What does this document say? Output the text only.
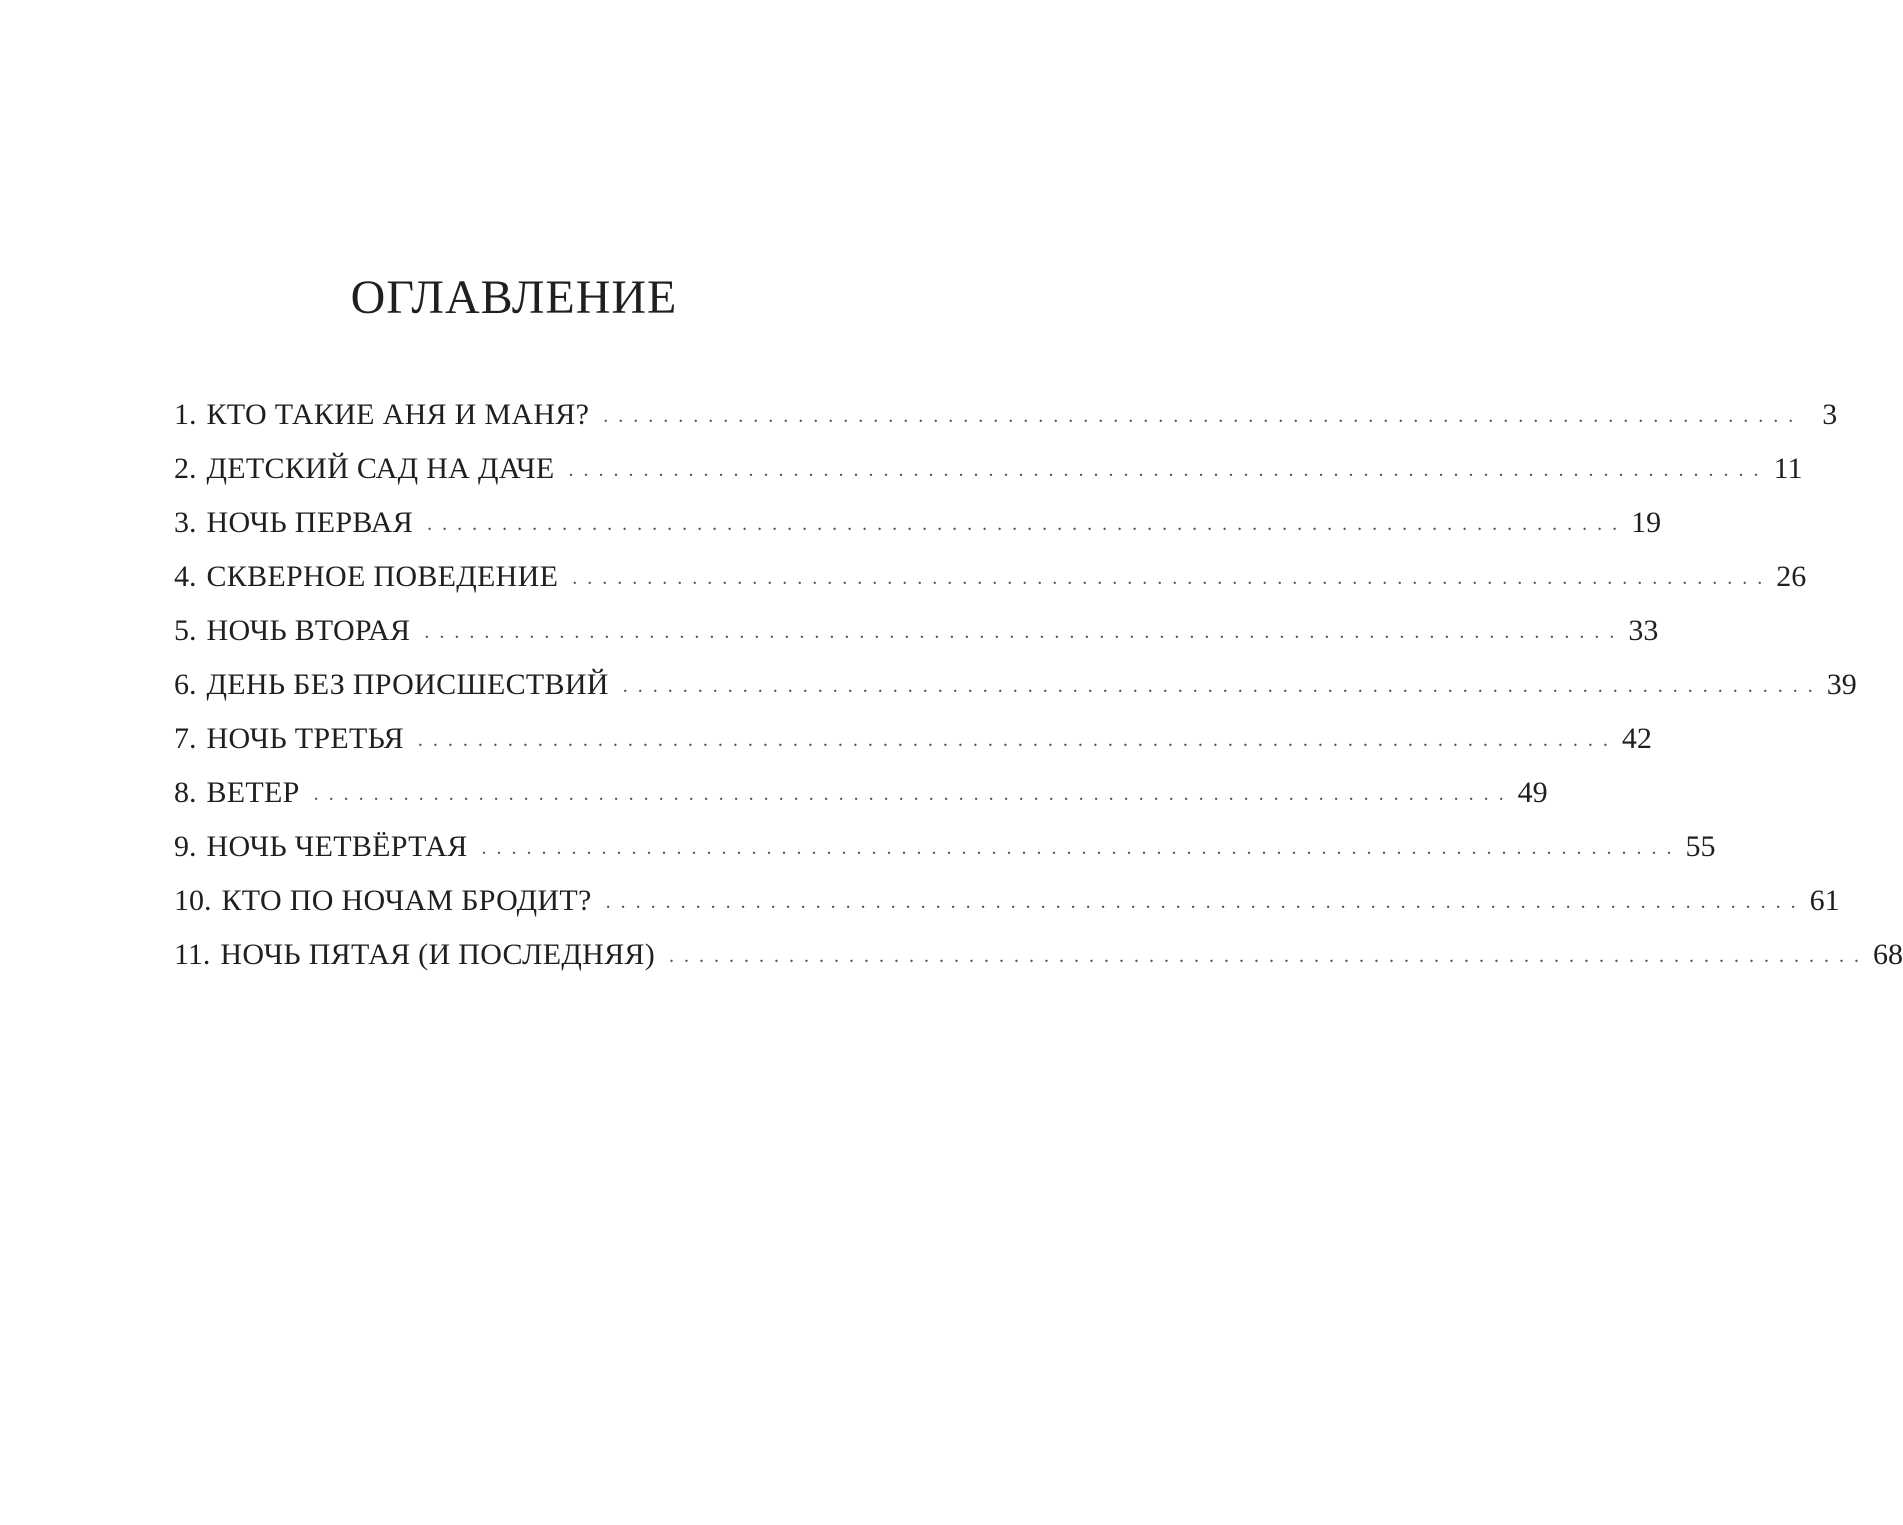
ОГЛАВЛЕНИЕ
1. КТО ТАКИЕ АНЯ И МАНЯ? ................................................................................ 3
2. ДЕТСКИЙ САД НА ДАЧЕ ................................................................................ 11
3. НОЧЬ ПЕРВАЯ ................................................................................ 19
4. СКВЕРНОЕ ПОВЕДЕНИЕ ................................................................................ 26
5. НОЧЬ ВТОРАЯ ................................................................................ 33
6. ДЕНЬ БЕЗ ПРОИСШЕСТВИЙ ................................................................................ 39
7. НОЧЬ ТРЕТЬЯ ................................................................................ 42
8. ВЕТЕР ................................................................................ 49
9. НОЧЬ ЧЕТВЁРТАЯ ................................................................................ 55
10. КТО ПО НОЧАМ БРОДИТ? ................................................................................ 61
11. НОЧЬ ПЯТАЯ (И ПОСЛЕДНЯЯ) ................................................................................ 68
